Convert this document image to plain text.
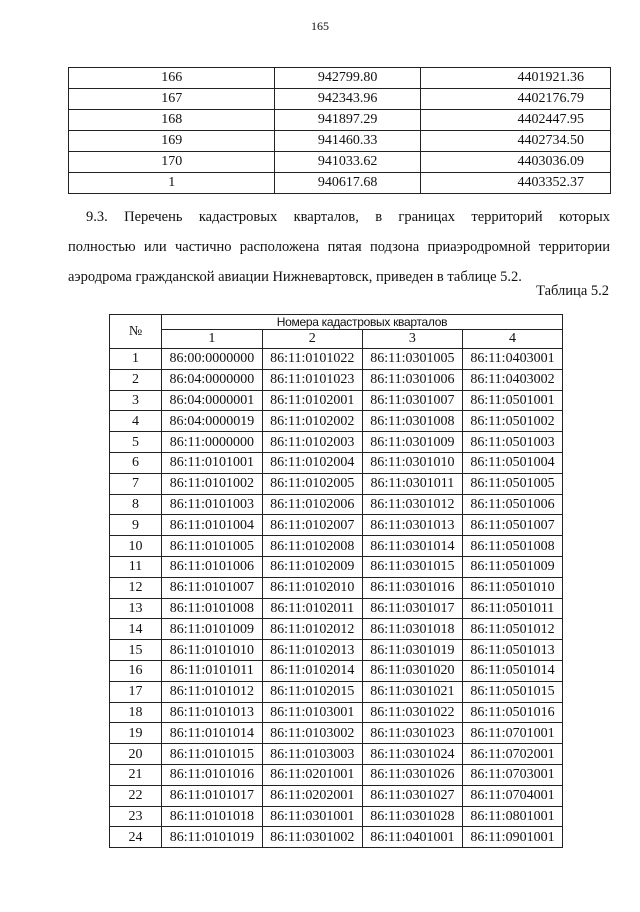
165
166	942799.80	4401921.36
167	942343.96	4402176.79
168	941897.29	4402447.95
169	941460.33	4402734.50
170	941033.62	4403036.09
1	940617.68	4403352.37
9.3. Перечень кадастровых кварталов, в границах территорий которых
полностью или частично расположена пятая подзона приаэродромной территории
аэродрома гражданской авиации Нижневартовск, приведен в таблице 5.2.
Таблица 5.2
№	Номера кадастровых кварталов			
	1	2	3	4
1	86:00:0000000	86:11:0101022	86:11:0301005	86:11:0403001
2	86:04:0000000	86:11:0101023	86:11:0301006	86:11:0403002
3	86:04:0000001	86:11:0102001	86:11:0301007	86:11:0501001
4	86:04:0000019	86:11:0102002	86:11:0301008	86:11:0501002
5	86:11:0000000	86:11:0102003	86:11:0301009	86:11:0501003
6	86:11:0101001	86:11:0102004	86:11:0301010	86:11:0501004
7	86:11:0101002	86:11:0102005	86:11:0301011	86:11:0501005
8	86:11:0101003	86:11:0102006	86:11:0301012	86:11:0501006
9	86:11:0101004	86:11:0102007	86:11:0301013	86:11:0501007
10	86:11:0101005	86:11:0102008	86:11:0301014	86:11:0501008
11	86:11:0101006	86:11:0102009	86:11:0301015	86:11:0501009
12	86:11:0101007	86:11:0102010	86:11:0301016	86:11:0501010
13	86:11:0101008	86:11:0102011	86:11:0301017	86:11:0501011
14	86:11:0101009	86:11:0102012	86:11:0301018	86:11:0501012
15	86:11:0101010	86:11:0102013	86:11:0301019	86:11:0501013
16	86:11:0101011	86:11:0102014	86:11:0301020	86:11:0501014
17	86:11:0101012	86:11:0102015	86:11:0301021	86:11:0501015
18	86:11:0101013	86:11:0103001	86:11:0301022	86:11:0501016
19	86:11:0101014	86:11:0103002	86:11:0301023	86:11:0701001
20	86:11:0101015	86:11:0103003	86:11:0301024	86:11:0702001
21	86:11:0101016	86:11:0201001	86:11:0301026	86:11:0703001
22	86:11:0101017	86:11:0202001	86:11:0301027	86:11:0704001
23	86:11:0101018	86:11:0301001	86:11:0301028	86:11:0801001
24	86:11:0101019	86:11:0301002	86:11:0401001	86:11:0901001
